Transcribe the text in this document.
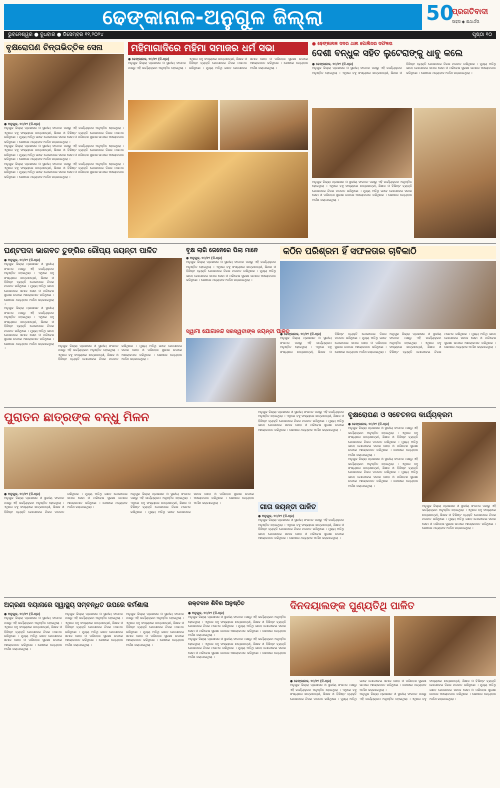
ଢେଙ୍କାନାଳ-ଅନୁଗୁଳ ଜିଲ୍ଲା
ଭୁବନେଶ୍ୱର ● ବୁଧବାର ● ଡିସେମ୍ବର ୧୧,୨୦୨୪	ପୃଷ୍ଠା ୧୦
50
ପ୍ରଗତିବାଦୀ
ସାହସ ◆ ଯଥାର୍ଥତା
ବୃକ୍ଷରୋପଣ ଚିନ୍ତାଭିତ୍ତିକ ସେନା

● ଅନୁଗୁଳ, ୧୦/୧୨ (ନି.ପ୍ର)

ଅନୁଗୁଳ ଜିଲ୍ଲା ପ୍ରଶାସନ ଓ ସ୍ଥାନୀୟ ସଂଗଠନ ପକ୍ଷରୁ ଏହି କାର୍ଯ୍ୟକ୍ରମ ଅନୁଷ୍ଠିତ ହୋଇଥିଲା । ଏଥିରେ ବହୁ ସଂଖ୍ୟାରେ ଛାତ୍ରଛାତ୍ରୀ, ଶିକ୍ଷକ ଓ ବିଶିଷ୍ଟ ବ୍ୟକ୍ତି ଯୋଗଦେଇ ନିଜର ମତାମତ ରଖିଥିଲେ । ମୁଖ୍ୟ ଅତିଥି ଭାବେ ଯୋଗଦେଇ ସମାଜ ସେବା ଓ ପରିବେଶ ସୁରକ୍ଷା ଉପରେ ଆଲୋକପାତ କରିଥିଲେ । ଶେଷରେ ଧନ୍ୟବାଦ ଅର୍ପଣ କରାଯାଇଥିଲା ।

ଅନୁଗୁଳ ଜିଲ୍ଲା ପ୍ରଶାସନ ଓ ସ୍ଥାନୀୟ ସଂଗଠନ ପକ୍ଷରୁ ଏହି କାର୍ଯ୍ୟକ୍ରମ ଅନୁଷ୍ଠିତ ହୋଇଥିଲା । ଏଥିରେ ବହୁ ସଂଖ୍ୟାରେ ଛାତ୍ରଛାତ୍ରୀ, ଶିକ୍ଷକ ଓ ବିଶିଷ୍ଟ ବ୍ୟକ୍ତି ଯୋଗଦେଇ ନିଜର ମତାମତ ରଖିଥିଲେ । ମୁଖ୍ୟ ଅତିଥି ଭାବେ ଯୋଗଦେଇ ସମାଜ ସେବା ଓ ପରିବେଶ ସୁରକ୍ଷା ଉପରେ ଆଲୋକପାତ କରିଥିଲେ । ଶେଷରେ ଧନ୍ୟବାଦ ଅର୍ପଣ କରାଯାଇଥିଲା ।

ଅନୁଗୁଳ ଜିଲ୍ଲା ପ୍ରଶାସନ ଓ ସ୍ଥାନୀୟ ସଂଗଠନ ପକ୍ଷରୁ ଏହି କାର୍ଯ୍ୟକ୍ରମ ଅନୁଷ୍ଠିତ ହୋଇଥିଲା । ଏଥିରେ ବହୁ ସଂଖ୍ୟାରେ ଛାତ୍ରଛାତ୍ରୀ, ଶିକ୍ଷକ ଓ ବିଶିଷ୍ଟ ବ୍ୟକ୍ତି ଯୋଗଦେଇ ନିଜର ମତାମତ ରଖିଥିଲେ । ମୁଖ୍ୟ ଅତିଥି ଭାବେ ଯୋଗଦେଇ ସମାଜ ସେବା ଓ ପରିବେଶ ସୁରକ୍ଷା ଉପରେ ଆଲୋକପାତ କରିଥିଲେ । ଶେଷରେ ଧନ୍ୟବାଦ ଅର୍ପଣ କରାଯାଇଥିଲା ।

ମହିମାଗାଦିରେ ମହିମା ସମାଜର ଧର୍ମ ସଭା

● ଢେଙ୍କାନାଳ, ୧୦/୧୨ (ନି.ପ୍ର)

ଅନୁଗୁଳ ଜିଲ୍ଲା ପ୍ରଶାସନ ଓ ସ୍ଥାନୀୟ ସଂଗଠନ ପକ୍ଷରୁ ଏହି କାର୍ଯ୍ୟକ୍ରମ ଅନୁଷ୍ଠିତ ହୋଇଥିଲା । ଏଥିରେ ବହୁ ସଂଖ୍ୟାରେ ଛାତ୍ରଛାତ୍ରୀ, ଶିକ୍ଷକ ଓ ବିଶିଷ୍ଟ ବ୍ୟକ୍ତି ଯୋଗଦେଇ ନିଜର ମତାମତ ରଖିଥିଲେ । ମୁଖ୍ୟ ଅତିଥି ଭାବେ ଯୋଗଦେଇ ସମାଜ ସେବା ଓ ପରିବେଶ ସୁରକ୍ଷା ଉପରେ ଆଲୋକପାତ କରିଥିଲେ । ଶେଷରେ ଧନ୍ୟବାଦ ଅର୍ପଣ କରାଯାଇଥିଲା ।

● ଢେଙ୍କାନାଳ ସଦର ଥାନା ପୋଲିସର ସଫଳତା
ଦେଶୀ ବନ୍ଧୁକ ସହିତ ଲୁଟେରାଙ୍କୁ ଧାବୁ କଲେ

● ଢେଙ୍କାନାଳ, ୧୦/୧୨ (ନି.ପ୍ର)

ଅନୁଗୁଳ ଜିଲ୍ଲା ପ୍ରଶାସନ ଓ ସ୍ଥାନୀୟ ସଂଗଠନ ପକ୍ଷରୁ ଏହି କାର୍ଯ୍ୟକ୍ରମ ଅନୁଷ୍ଠିତ ହୋଇଥିଲା । ଏଥିରେ ବହୁ ସଂଖ୍ୟାରେ ଛାତ୍ରଛାତ୍ରୀ, ଶିକ୍ଷକ ଓ ବିଶିଷ୍ଟ ବ୍ୟକ୍ତି ଯୋଗଦେଇ ନିଜର ମତାମତ ରଖିଥିଲେ । ମୁଖ୍ୟ ଅତିଥି ଭାବେ ଯୋଗଦେଇ ସମାଜ ସେବା ଓ ପରିବେଶ ସୁରକ୍ଷା ଉପରେ ଆଲୋକପାତ କରିଥିଲେ । ଶେଷରେ ଧନ୍ୟବାଦ ଅର୍ପଣ କରାଯାଇଥିଲା ।

ଅନୁଗୁଳ ଜିଲ୍ଲା ପ୍ରଶାସନ ଓ ସ୍ଥାନୀୟ ସଂଗଠନ ପକ୍ଷରୁ ଏହି କାର୍ଯ୍ୟକ୍ରମ ଅନୁଷ୍ଠିତ ହୋଇଥିଲା । ଏଥିରେ ବହୁ ସଂଖ୍ୟାରେ ଛାତ୍ରଛାତ୍ରୀ, ଶିକ୍ଷକ ଓ ବିଶିଷ୍ଟ ବ୍ୟକ୍ତି ଯୋଗଦେଇ ନିଜର ମତାମତ ରଖିଥିଲେ । ମୁଖ୍ୟ ଅତିଥି ଭାବେ ଯୋଗଦେଇ ସମାଜ ସେବା ଓ ପରିବେଶ ସୁରକ୍ଷା ଉପରେ ଆଲୋକପାତ କରିଥିଲେ । ଶେଷରେ ଧନ୍ୟବାଦ ଅର୍ପଣ କରାଯାଇଥିଲା ।

ଘଣ୍ଟପଦା ଭାଗବତ ତୁଙ୍ଗିର ରୌପ୍ୟ ଜୟନ୍ତୀ ପାଳିତ

● ଅନୁଗୁଳ, ୧୦/୧୨ (ନି.ପ୍ର)

ଅନୁଗୁଳ ଜିଲ୍ଲା ପ୍ରଶାସନ ଓ ସ୍ଥାନୀୟ ସଂଗଠନ ପକ୍ଷରୁ ଏହି କାର୍ଯ୍ୟକ୍ରମ ଅନୁଷ୍ଠିତ ହୋଇଥିଲା । ଏଥିରେ ବହୁ ସଂଖ୍ୟାରେ ଛାତ୍ରଛାତ୍ରୀ, ଶିକ୍ଷକ ଓ ବିଶିଷ୍ଟ ବ୍ୟକ୍ତି ଯୋଗଦେଇ ନିଜର ମତାମତ ରଖିଥିଲେ । ମୁଖ୍ୟ ଅତିଥି ଭାବେ ଯୋଗଦେଇ ସମାଜ ସେବା ଓ ପରିବେଶ ସୁରକ୍ଷା ଉପରେ ଆଲୋକପାତ କରିଥିଲେ । ଶେଷରେ ଧନ୍ୟବାଦ ଅର୍ପଣ କରାଯାଇଥିଲା ।

ଅନୁଗୁଳ ଜିଲ୍ଲା ପ୍ରଶାସନ ଓ ସ୍ଥାନୀୟ ସଂଗଠନ ପକ୍ଷରୁ ଏହି କାର୍ଯ୍ୟକ୍ରମ ଅନୁଷ୍ଠିତ ହୋଇଥିଲା । ଏଥିରେ ବହୁ ସଂଖ୍ୟାରେ ଛାତ୍ରଛାତ୍ରୀ, ଶିକ୍ଷକ ଓ ବିଶିଷ୍ଟ ବ୍ୟକ୍ତି ଯୋଗଦେଇ ନିଜର ମତାମତ ରଖିଥିଲେ । ମୁଖ୍ୟ ଅତିଥି ଭାବେ ଯୋଗଦେଇ ସମାଜ ସେବା ଓ ପରିବେଶ ସୁରକ୍ଷା ଉପରେ ଆଲୋକପାତ କରିଥିଲେ । ଶେଷରେ ଧନ୍ୟବାଦ ଅର୍ପଣ କରାଯାଇଥିଲା ।

ଅନୁଗୁଳ ଜିଲ୍ଲା ପ୍ରଶାସନ ଓ ସ୍ଥାନୀୟ ସଂଗଠନ ପକ୍ଷରୁ ଏହି କାର୍ଯ୍ୟକ୍ରମ ଅନୁଷ୍ଠିତ ହୋଇଥିଲା । ଏଥିରେ ବହୁ ସଂଖ୍ୟାରେ ଛାତ୍ରଛାତ୍ରୀ, ଶିକ୍ଷକ ଓ ବିଶିଷ୍ଟ ବ୍ୟକ୍ତି ଯୋଗଦେଇ ନିଜର ମତାମତ ରଖିଥିଲେ । ମୁଖ୍ୟ ଅତିଥି ଭାବେ ଯୋଗଦେଇ ସମାଜ ସେବା ଓ ପରିବେଶ ସୁରକ୍ଷା ଉପରେ ଆଲୋକପାତ କରିଥିଲେ । ଶେଷରେ ଧନ୍ୟବାଦ ଅର୍ପଣ କରାଯାଇଥିଲା ।

ବୃକ୍ଷ ଲାଗି ଜେନେରେ ପିଲା ମାନେ

● ଅନୁଗୁଳ, ୧୦/୧୨ (ନି.ପ୍ର)

ଅନୁଗୁଳ ଜିଲ୍ଲା ପ୍ରଶାସନ ଓ ସ୍ଥାନୀୟ ସଂଗଠନ ପକ୍ଷରୁ ଏହି କାର୍ଯ୍ୟକ୍ରମ ଅନୁଷ୍ଠିତ ହୋଇଥିଲା । ଏଥିରେ ବହୁ ସଂଖ୍ୟାରେ ଛାତ୍ରଛାତ୍ରୀ, ଶିକ୍ଷକ ଓ ବିଶିଷ୍ଟ ବ୍ୟକ୍ତି ଯୋଗଦେଇ ନିଜର ମତାମତ ରଖିଥିଲେ । ମୁଖ୍ୟ ଅତିଥି ଭାବେ ଯୋଗଦେଇ ସମାଜ ସେବା ଓ ପରିବେଶ ସୁରକ୍ଷା ଉପରେ ଆଲୋକପାତ କରିଥିଲେ । ଶେଷରେ ଧନ୍ୟବାଦ ଅର୍ପଣ କରାଯାଇଥିଲା ।

ସ୍ୱାମୀ ଯୋଗାନନ୍ଦ ସରସ୍ୱତୀଙ୍କ ଜୟନ୍ତୀ ପାଳିତ
କଠିନ ପରିଶ୍ରମ ହିଁ ସଫଳତାର ଚାବିକାଠି

● ଢେଙ୍କାନାଳ, ୧୦/୧୨ (ନି.ପ୍ର)

ଅନୁଗୁଳ ଜିଲ୍ଲା ପ୍ରଶାସନ ଓ ସ୍ଥାନୀୟ ସଂଗଠନ ପକ୍ଷରୁ ଏହି କାର୍ଯ୍ୟକ୍ରମ ଅନୁଷ୍ଠିତ ହୋଇଥିଲା । ଏଥିରେ ବହୁ ସଂଖ୍ୟାରେ ଛାତ୍ରଛାତ୍ରୀ, ଶିକ୍ଷକ ଓ ବିଶିଷ୍ଟ ବ୍ୟକ୍ତି ଯୋଗଦେଇ ନିଜର ମତାମତ ରଖିଥିଲେ । ମୁଖ୍ୟ ଅତିଥି ଭାବେ ଯୋଗଦେଇ ସମାଜ ସେବା ଓ ପରିବେଶ ସୁରକ୍ଷା ଉପରେ ଆଲୋକପାତ କରିଥିଲେ । ଶେଷରେ ଧନ୍ୟବାଦ ଅର୍ପଣ କରାଯାଇଥିଲା ।

ଅନୁଗୁଳ ଜିଲ୍ଲା ପ୍ରଶାସନ ଓ ସ୍ଥାନୀୟ ସଂଗଠନ ପକ୍ଷରୁ ଏହି କାର୍ଯ୍ୟକ୍ରମ ଅନୁଷ୍ଠିତ ହୋଇଥିଲା । ଏଥିରେ ବହୁ ସଂଖ୍ୟାରେ ଛାତ୍ରଛାତ୍ରୀ, ଶିକ୍ଷକ ଓ ବିଶିଷ୍ଟ ବ୍ୟକ୍ତି ଯୋଗଦେଇ ନିଜର ମତାମତ ରଖିଥିଲେ । ମୁଖ୍ୟ ଅତିଥି ଭାବେ ଯୋଗଦେଇ ସମାଜ ସେବା ଓ ପରିବେଶ ସୁରକ୍ଷା ଉପରେ ଆଲୋକପାତ କରିଥିଲେ । ଶେଷରେ ଧନ୍ୟବାଦ ଅର୍ପଣ କରାଯାଇଥିଲା ।

ପୁରାତନ ଛାତ୍ରଙ୍କ ବନ୍ଧୁ ମିଳନ

● ଅନୁଗୁଳ, ୧୦/୧୨ (ନି.ପ୍ର)

ଅନୁଗୁଳ ଜିଲ୍ଲା ପ୍ରଶାସନ ଓ ସ୍ଥାନୀୟ ସଂଗଠନ ପକ୍ଷରୁ ଏହି କାର୍ଯ୍ୟକ୍ରମ ଅନୁଷ୍ଠିତ ହୋଇଥିଲା । ଏଥିରେ ବହୁ ସଂଖ୍ୟାରେ ଛାତ୍ରଛାତ୍ରୀ, ଶିକ୍ଷକ ଓ ବିଶିଷ୍ଟ ବ୍ୟକ୍ତି ଯୋଗଦେଇ ନିଜର ମତାମତ ରଖିଥିଲେ । ମୁଖ୍ୟ ଅତିଥି ଭାବେ ଯୋଗଦେଇ ସମାଜ ସେବା ଓ ପରିବେଶ ସୁରକ୍ଷା ଉପରେ ଆଲୋକପାତ କରିଥିଲେ । ଶେଷରେ ଧନ୍ୟବାଦ ଅର୍ପଣ କରାଯାଇଥିଲା ।

ଅନୁଗୁଳ ଜିଲ୍ଲା ପ୍ରଶାସନ ଓ ସ୍ଥାନୀୟ ସଂଗଠନ ପକ୍ଷରୁ ଏହି କାର୍ଯ୍ୟକ୍ରମ ଅନୁଷ୍ଠିତ ହୋଇଥିଲା । ଏଥିରେ ବହୁ ସଂଖ୍ୟାରେ ଛାତ୍ରଛାତ୍ରୀ, ଶିକ୍ଷକ ଓ ବିଶିଷ୍ଟ ବ୍ୟକ୍ତି ଯୋଗଦେଇ ନିଜର ମତାମତ ରଖିଥିଲେ । ମୁଖ୍ୟ ଅତିଥି ଭାବେ ଯୋଗଦେଇ ସମାଜ ସେବା ଓ ପରିବେଶ ସୁରକ୍ଷା ଉପରେ ଆଲୋକପାତ କରିଥିଲେ । ଶେଷରେ ଧନ୍ୟବାଦ ଅର୍ପଣ କରାଯାଇଥିଲା ।

ଅନୁଗୁଳ ଜିଲ୍ଲା ପ୍ରଶାସନ ଓ ସ୍ଥାନୀୟ ସଂଗଠନ ପକ୍ଷରୁ ଏହି କାର୍ଯ୍ୟକ୍ରମ ଅନୁଷ୍ଠିତ ହୋଇଥିଲା । ଏଥିରେ ବହୁ ସଂଖ୍ୟାରେ ଛାତ୍ରଛାତ୍ରୀ, ଶିକ୍ଷକ ଓ ବିଶିଷ୍ଟ ବ୍ୟକ୍ତି ଯୋଗଦେଇ ନିଜର ମତାମତ ରଖିଥିଲେ । ମୁଖ୍ୟ ଅତିଥି ଭାବେ ଯୋଗଦେଇ ସମାଜ ସେବା ଓ ପରିବେଶ ସୁରକ୍ଷା ଉପରେ ଆଲୋକପାତ କରିଥିଲେ । ଶେଷରେ ଧନ୍ୟବାଦ ଅର୍ପଣ କରାଯାଇଥିଲା ।

ଗୀତା ଜୟନ୍ତୀ ପାଳିତ

● ଅନୁଗୁଳ, ୧୦/୧୨ (ନି.ପ୍ର)

ଅନୁଗୁଳ ଜିଲ୍ଲା ପ୍ରଶାସନ ଓ ସ୍ଥାନୀୟ ସଂଗଠନ ପକ୍ଷରୁ ଏହି କାର୍ଯ୍ୟକ୍ରମ ଅନୁଷ୍ଠିତ ହୋଇଥିଲା । ଏଥିରେ ବହୁ ସଂଖ୍ୟାରେ ଛାତ୍ରଛାତ୍ରୀ, ଶିକ୍ଷକ ଓ ବିଶିଷ୍ଟ ବ୍ୟକ୍ତି ଯୋଗଦେଇ ନିଜର ମତାମତ ରଖିଥିଲେ । ମୁଖ୍ୟ ଅତିଥି ଭାବେ ଯୋଗଦେଇ ସମାଜ ସେବା ଓ ପରିବେଶ ସୁରକ୍ଷା ଉପରେ ଆଲୋକପାତ କରିଥିଲେ । ଶେଷରେ ଧନ୍ୟବାଦ ଅର୍ପଣ କରାଯାଇଥିଲା ।

ବୃକ୍ଷରୋପଣ ଓ ସଚେତନତା କାର୍ଯ୍ୟକ୍ରମ

● ଢେଙ୍କାନାଳ, ୧୦/୧୨ (ନି.ପ୍ର)

ଅନୁଗୁଳ ଜିଲ୍ଲା ପ୍ରଶାସନ ଓ ସ୍ଥାନୀୟ ସଂଗଠନ ପକ୍ଷରୁ ଏହି କାର୍ଯ୍ୟକ୍ରମ ଅନୁଷ୍ଠିତ ହୋଇଥିଲା । ଏଥିରେ ବହୁ ସଂଖ୍ୟାରେ ଛାତ୍ରଛାତ୍ରୀ, ଶିକ୍ଷକ ଓ ବିଶିଷ୍ଟ ବ୍ୟକ୍ତି ଯୋଗଦେଇ ନିଜର ମତାମତ ରଖିଥିଲେ । ମୁଖ୍ୟ ଅତିଥି ଭାବେ ଯୋଗଦେଇ ସମାଜ ସେବା ଓ ପରିବେଶ ସୁରକ୍ଷା ଉପରେ ଆଲୋକପାତ କରିଥିଲେ । ଶେଷରେ ଧନ୍ୟବାଦ ଅର୍ପଣ କରାଯାଇଥିଲା ।

ଅନୁଗୁଳ ଜିଲ୍ଲା ପ୍ରଶାସନ ଓ ସ୍ଥାନୀୟ ସଂଗଠନ ପକ୍ଷରୁ ଏହି କାର୍ଯ୍ୟକ୍ରମ ଅନୁଷ୍ଠିତ ହୋଇଥିଲା । ଏଥିରେ ବହୁ ସଂଖ୍ୟାରେ ଛାତ୍ରଛାତ୍ରୀ, ଶିକ୍ଷକ ଓ ବିଶିଷ୍ଟ ବ୍ୟକ୍ତି ଯୋଗଦେଇ ନିଜର ମତାମତ ରଖିଥିଲେ । ମୁଖ୍ୟ ଅତିଥି ଭାବେ ଯୋଗଦେଇ ସମାଜ ସେବା ଓ ପରିବେଶ ସୁରକ୍ଷା ଉପରେ ଆଲୋକପାତ କରିଥିଲେ । ଶେଷରେ ଧନ୍ୟବାଦ ଅର୍ପଣ କରାଯାଇଥିଲା ।

ଅନୁଗୁଳ ଜିଲ୍ଲା ପ୍ରଶାସନ ଓ ସ୍ଥାନୀୟ ସଂଗଠନ ପକ୍ଷରୁ ଏହି କାର୍ଯ୍ୟକ୍ରମ ଅନୁଷ୍ଠିତ ହୋଇଥିଲା । ଏଥିରେ ବହୁ ସଂଖ୍ୟାରେ ଛାତ୍ରଛାତ୍ରୀ, ଶିକ୍ଷକ ଓ ବିଶିଷ୍ଟ ବ୍ୟକ୍ତି ଯୋଗଦେଇ ନିଜର ମତାମତ ରଖିଥିଲେ । ମୁଖ୍ୟ ଅତିଥି ଭାବେ ଯୋଗଦେଇ ସମାଜ ସେବା ଓ ପରିବେଶ ସୁରକ୍ଷା ଉପରେ ଆଲୋକପାତ କରିଥିଲେ । ଶେଷରେ ଧନ୍ୟବାଦ ଅର୍ପଣ କରାଯାଇଥିଲା ।

ଅଗ୍ରଣୀ ଦୟାନାରେ ସ୍ୱାସ୍ଥ୍ୟ ସମ୍ବନ୍ଧିତ ଉପରେ କର୍ମଶାଳା

● ଅନୁଗୁଳ, ୧୦/୧୨ (ନି.ପ୍ର)

ଅନୁଗୁଳ ଜିଲ୍ଲା ପ୍ରଶାସନ ଓ ସ୍ଥାନୀୟ ସଂଗଠନ ପକ୍ଷରୁ ଏହି କାର୍ଯ୍ୟକ୍ରମ ଅନୁଷ୍ଠିତ ହୋଇଥିଲା । ଏଥିରେ ବହୁ ସଂଖ୍ୟାରେ ଛାତ୍ରଛାତ୍ରୀ, ଶିକ୍ଷକ ଓ ବିଶିଷ୍ଟ ବ୍ୟକ୍ତି ଯୋଗଦେଇ ନିଜର ମତାମତ ରଖିଥିଲେ । ମୁଖ୍ୟ ଅତିଥି ଭାବେ ଯୋଗଦେଇ ସମାଜ ସେବା ଓ ପରିବେଶ ସୁରକ୍ଷା ଉପରେ ଆଲୋକପାତ କରିଥିଲେ । ଶେଷରେ ଧନ୍ୟବାଦ ଅର୍ପଣ କରାଯାଇଥିଲା ।

ଅନୁଗୁଳ ଜିଲ୍ଲା ପ୍ରଶାସନ ଓ ସ୍ଥାନୀୟ ସଂଗଠନ ପକ୍ଷରୁ ଏହି କାର୍ଯ୍ୟକ୍ରମ ଅନୁଷ୍ଠିତ ହୋଇଥିଲା । ଏଥିରେ ବହୁ ସଂଖ୍ୟାରେ ଛାତ୍ରଛାତ୍ରୀ, ଶିକ୍ଷକ ଓ ବିଶିଷ୍ଟ ବ୍ୟକ୍ତି ଯୋଗଦେଇ ନିଜର ମତାମତ ରଖିଥିଲେ । ମୁଖ୍ୟ ଅତିଥି ଭାବେ ଯୋଗଦେଇ ସମାଜ ସେବା ଓ ପରିବେଶ ସୁରକ୍ଷା ଉପରେ ଆଲୋକପାତ କରିଥିଲେ । ଶେଷରେ ଧନ୍ୟବାଦ ଅର୍ପଣ କରାଯାଇଥିଲା ।

ଅନୁଗୁଳ ଜିଲ୍ଲା ପ୍ରଶାସନ ଓ ସ୍ଥାନୀୟ ସଂଗଠନ ପକ୍ଷରୁ ଏହି କାର୍ଯ୍ୟକ୍ରମ ଅନୁଷ୍ଠିତ ହୋଇଥିଲା । ଏଥିରେ ବହୁ ସଂଖ୍ୟାରେ ଛାତ୍ରଛାତ୍ରୀ, ଶିକ୍ଷକ ଓ ବିଶିଷ୍ଟ ବ୍ୟକ୍ତି ଯୋଗଦେଇ ନିଜର ମତାମତ ରଖିଥିଲେ । ମୁଖ୍ୟ ଅତିଥି ଭାବେ ଯୋଗଦେଇ ସମାଜ ସେବା ଓ ପରିବେଶ ସୁରକ୍ଷା ଉପରେ ଆଲୋକପାତ କରିଥିଲେ । ଶେଷରେ ଧନ୍ୟବାଦ ଅର୍ପଣ କରାଯାଇଥିଲା ।

ରକ୍ତଦାନ ଶିବିର ଅନୁଷ୍ଠିତ

● ଅନୁଗୁଳ, ୧୦/୧୨ (ନି.ପ୍ର)

ଅନୁଗୁଳ ଜିଲ୍ଲା ପ୍ରଶାସନ ଓ ସ୍ଥାନୀୟ ସଂଗଠନ ପକ୍ଷରୁ ଏହି କାର୍ଯ୍ୟକ୍ରମ ଅନୁଷ୍ଠିତ ହୋଇଥିଲା । ଏଥିରେ ବହୁ ସଂଖ୍ୟାରେ ଛାତ୍ରଛାତ୍ରୀ, ଶିକ୍ଷକ ଓ ବିଶିଷ୍ଟ ବ୍ୟକ୍ତି ଯୋଗଦେଇ ନିଜର ମତାମତ ରଖିଥିଲେ । ମୁଖ୍ୟ ଅତିଥି ଭାବେ ଯୋଗଦେଇ ସମାଜ ସେବା ଓ ପରିବେଶ ସୁରକ୍ଷା ଉପରେ ଆଲୋକପାତ କରିଥିଲେ । ଶେଷରେ ଧନ୍ୟବାଦ ଅର୍ପଣ କରାଯାଇଥିଲା ।

ଅନୁଗୁଳ ଜିଲ୍ଲା ପ୍ରଶାସନ ଓ ସ୍ଥାନୀୟ ସଂଗଠନ ପକ୍ଷରୁ ଏହି କାର୍ଯ୍ୟକ୍ରମ ଅନୁଷ୍ଠିତ ହୋଇଥିଲା । ଏଥିରେ ବହୁ ସଂଖ୍ୟାରେ ଛାତ୍ରଛାତ୍ରୀ, ଶିକ୍ଷକ ଓ ବିଶିଷ୍ଟ ବ୍ୟକ୍ତି ଯୋଗଦେଇ ନିଜର ମତାମତ ରଖିଥିଲେ । ମୁଖ୍ୟ ଅତିଥି ଭାବେ ଯୋଗଦେଇ ସମାଜ ସେବା ଓ ପରିବେଶ ସୁରକ୍ଷା ଉପରେ ଆଲୋକପାତ କରିଥିଲେ । ଶେଷରେ ଧନ୍ୟବାଦ ଅର୍ପଣ କରାଯାଇଥିଲା ।

ଦିନଦୟାଲଙ୍କ ପୁଣ୍ୟତିଥି ପାଳିତ

● ଢେଙ୍କାନାଳ, ୧୦/୧୨ (ନି.ପ୍ର)

ଅନୁଗୁଳ ଜିଲ୍ଲା ପ୍ରଶାସନ ଓ ସ୍ଥାନୀୟ ସଂଗଠନ ପକ୍ଷରୁ ଏହି କାର୍ଯ୍ୟକ୍ରମ ଅନୁଷ୍ଠିତ ହୋଇଥିଲା । ଏଥିରେ ବହୁ ସଂଖ୍ୟାରେ ଛାତ୍ରଛାତ୍ରୀ, ଶିକ୍ଷକ ଓ ବିଶିଷ୍ଟ ବ୍ୟକ୍ତି ଯୋଗଦେଇ ନିଜର ମତାମତ ରଖିଥିଲେ । ମୁଖ୍ୟ ଅତିଥି ଭାବେ ଯୋଗଦେଇ ସମାଜ ସେବା ଓ ପରିବେଶ ସୁରକ୍ଷା ଉପରେ ଆଲୋକପାତ କରିଥିଲେ । ଶେଷରେ ଧନ୍ୟବାଦ ଅର୍ପଣ କରାଯାଇଥିଲା ।

ଅନୁଗୁଳ ଜିଲ୍ଲା ପ୍ରଶାସନ ଓ ସ୍ଥାନୀୟ ସଂଗଠନ ପକ୍ଷରୁ ଏହି କାର୍ଯ୍ୟକ୍ରମ ଅନୁଷ୍ଠିତ ହୋଇଥିଲା । ଏଥିରେ ବହୁ ସଂଖ୍ୟାରେ ଛାତ୍ରଛାତ୍ରୀ, ଶିକ୍ଷକ ଓ ବିଶିଷ୍ଟ ବ୍ୟକ୍ତି ଯୋଗଦେଇ ନିଜର ମତାମତ ରଖିଥିଲେ । ମୁଖ୍ୟ ଅତିଥି ଭାବେ ଯୋଗଦେଇ ସମାଜ ସେବା ଓ ପରିବେଶ ସୁରକ୍ଷା ଉପରେ ଆଲୋକପାତ କରିଥିଲେ । ଶେଷରେ ଧନ୍ୟବାଦ ଅର୍ପଣ କରାଯାଇଥିଲା ।
